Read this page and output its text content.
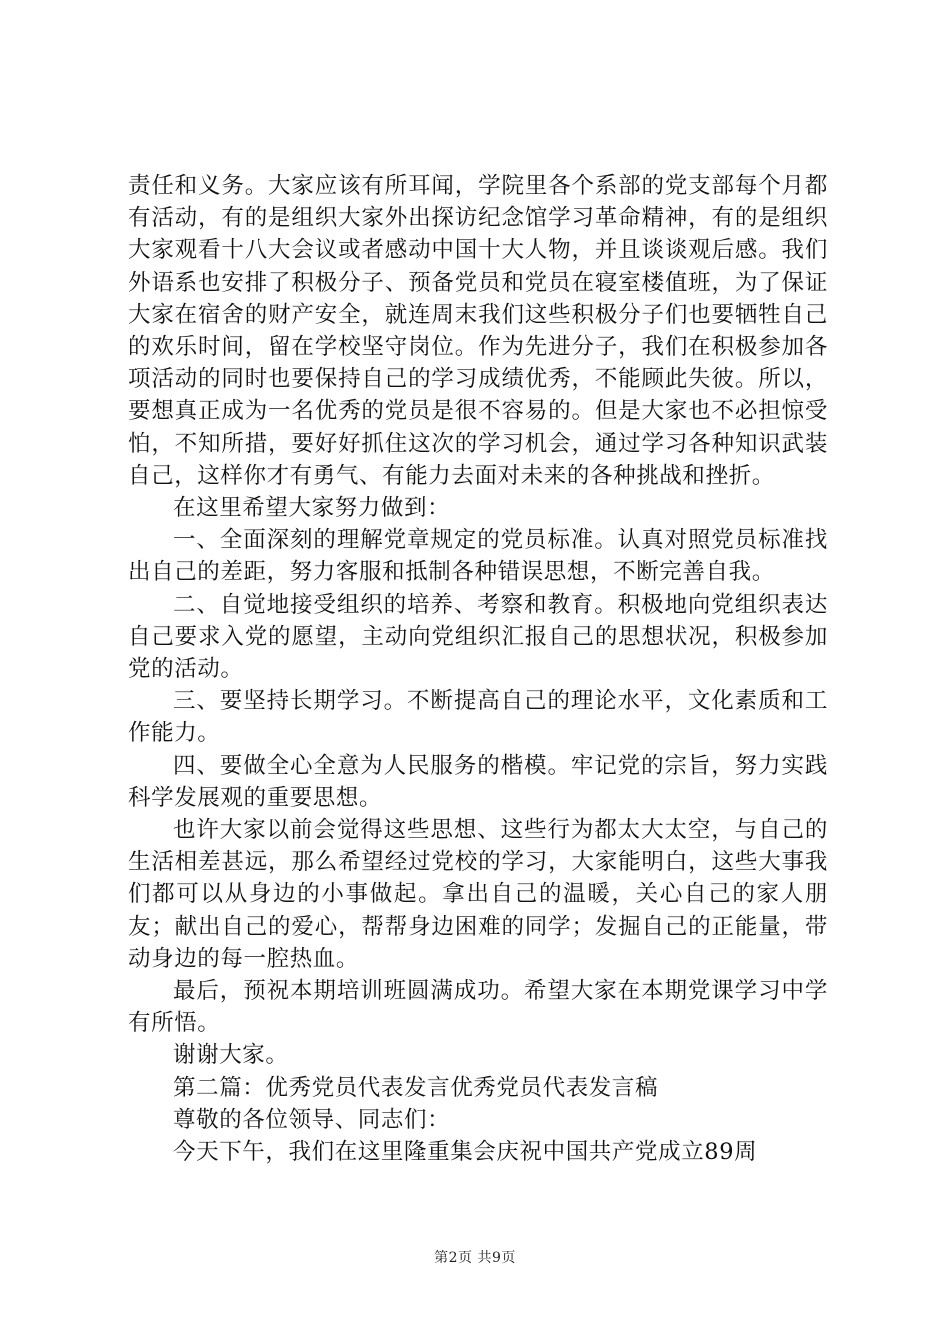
责任和义务。大家应该有所耳闻，学院里各个系部的党支部每个月都有活动，有的是组织大家外出探访纪念馆学习革命精神，有的是组织大家观看十八大会议或者感动中国十大人物，并且谈谈观后感。我们外语系也安排了积极分子、预备党员和党员在寝室楼值班，为了保证大家在宿舍的财产安全，就连周末我们这些积极分子们也要牺牲自己的欢乐时间，留在学校坚守岗位。作为先进分子，我们在积极参加各项活动的同时也要保持自己的学习成绩优秀，不能顾此失彼。所以，要想真正成为一名优秀的党员是很不容易的。但是大家也不必担惊受怕，不知所措，要好好抓住这次的学习机会，通过学习各种知识武装自己，这样你才有勇气、有能力去面对未来的各种挑战和挫折。

在这里希望大家努力做到：

一、全面深刻的理解党章规定的党员标准。认真对照党员标准找出自己的差距，努力客服和抵制各种错误思想，不断完善自我。

二、自觉地接受组织的培养、考察和教育。积极地向党组织表达自己要求入党的愿望，主动向党组织汇报自己的思想状况，积极参加党的活动。

三、要坚持长期学习。不断提高自己的理论水平，文化素质和工作能力。

四、要做全心全意为人民服务的楷模。牢记党的宗旨，努力实践科学发展观的重要思想。

也许大家以前会觉得这些思想、这些行为都太大太空，与自己的生活相差甚远，那么希望经过党校的学习，大家能明白，这些大事我们都可以从身边的小事做起。拿出自己的温暖，关心自己的家人朋友；献出自己的爱心，帮帮身边困难的同学；发掘自己的正能量，带动身边的每一腔热血。

最后，预祝本期培训班圆满成功。希望大家在本期党课学习中学有所悟。

谢谢大家。

第二篇：优秀党员代表发言优秀党员代表发言稿

尊敬的各位领导、同志们：

今天下午，我们在这里隆重集会庆祝中国共产党成立89周

第2页 共9页
